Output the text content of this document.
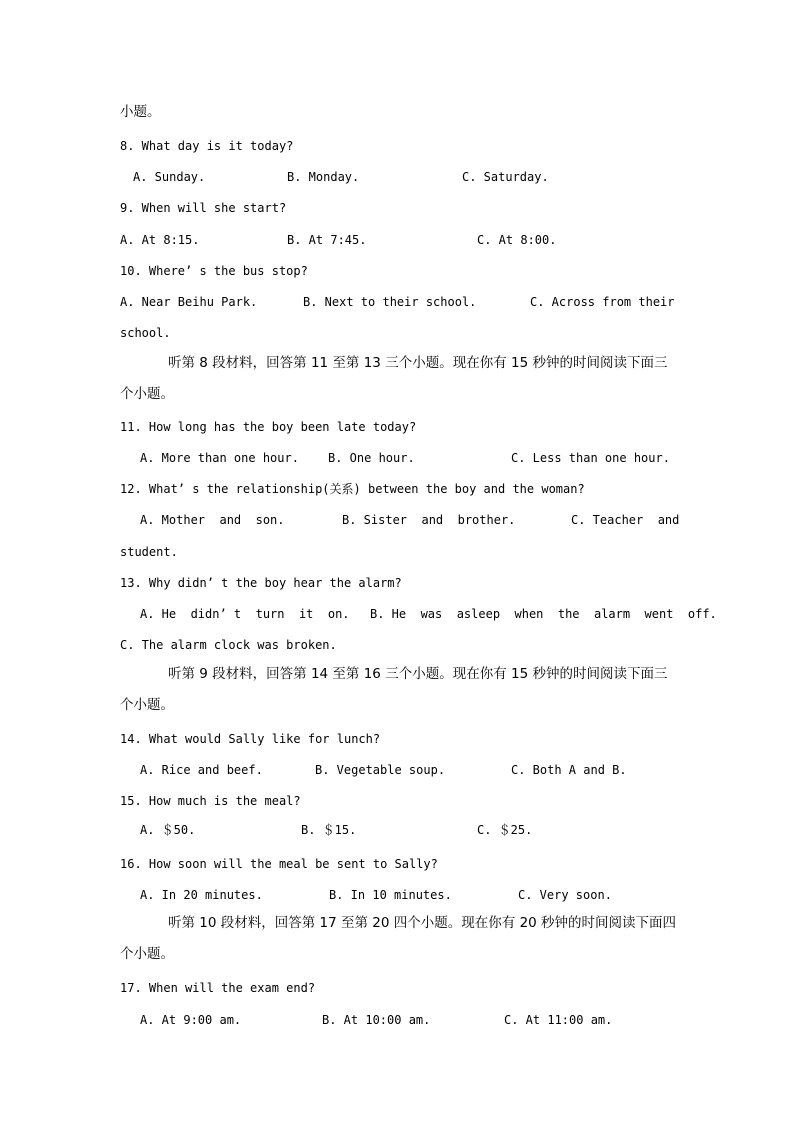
小题。
8. What day is it today?
A. Sunday.	B. Monday.	C. Saturday.
9. When will she start?
A. At 8:15.	B. At 7:45.	C. At 8:00.
10. Where’ s the bus stop?
A. Near Beihu Park.	B. Next to their school.	C. Across from their
school.
听第 8 段材料，回答第 11 至第 13 三个小题。现在你有 15 秒钟的时间阅读下面三
个小题。
11. How long has the boy been late today?
A. More than one hour. B. One hour.	C. Less than one hour.
12. What’ s the relationship(关系) between the boy and the woman?
A. Mother  and  son.	B. Sister  and  brother.	C. Teacher  and
student.
13. Why didn’ t the boy hear the alarm?
A. He  didn’ t  turn  it  on. B. He  was  asleep  when  the  alarm  went  off.
C. The alarm clock was broken.
听第 9 段材料，回答第 14 至第 16 三个小题。现在你有 15 秒钟的时间阅读下面三
个小题。
14. What would Sally like for lunch?
A. Rice and beef.	B. Vegetable soup.	C. Both A and B.
15. How much is the meal?
A. ＄50.	B. ＄15.	C. ＄25.
16. How soon will the meal be sent to Sally?
A. In 20 minutes.	B. In 10 minutes.	C. Very soon.
听第 10 段材料，回答第 17 至第 20 四个小题。现在你有 20 秒钟的时间阅读下面四
个小题。
17. When will the exam end?
A. At 9:00 am.	B. At 10:00 am.	C. At 11:00 am.
